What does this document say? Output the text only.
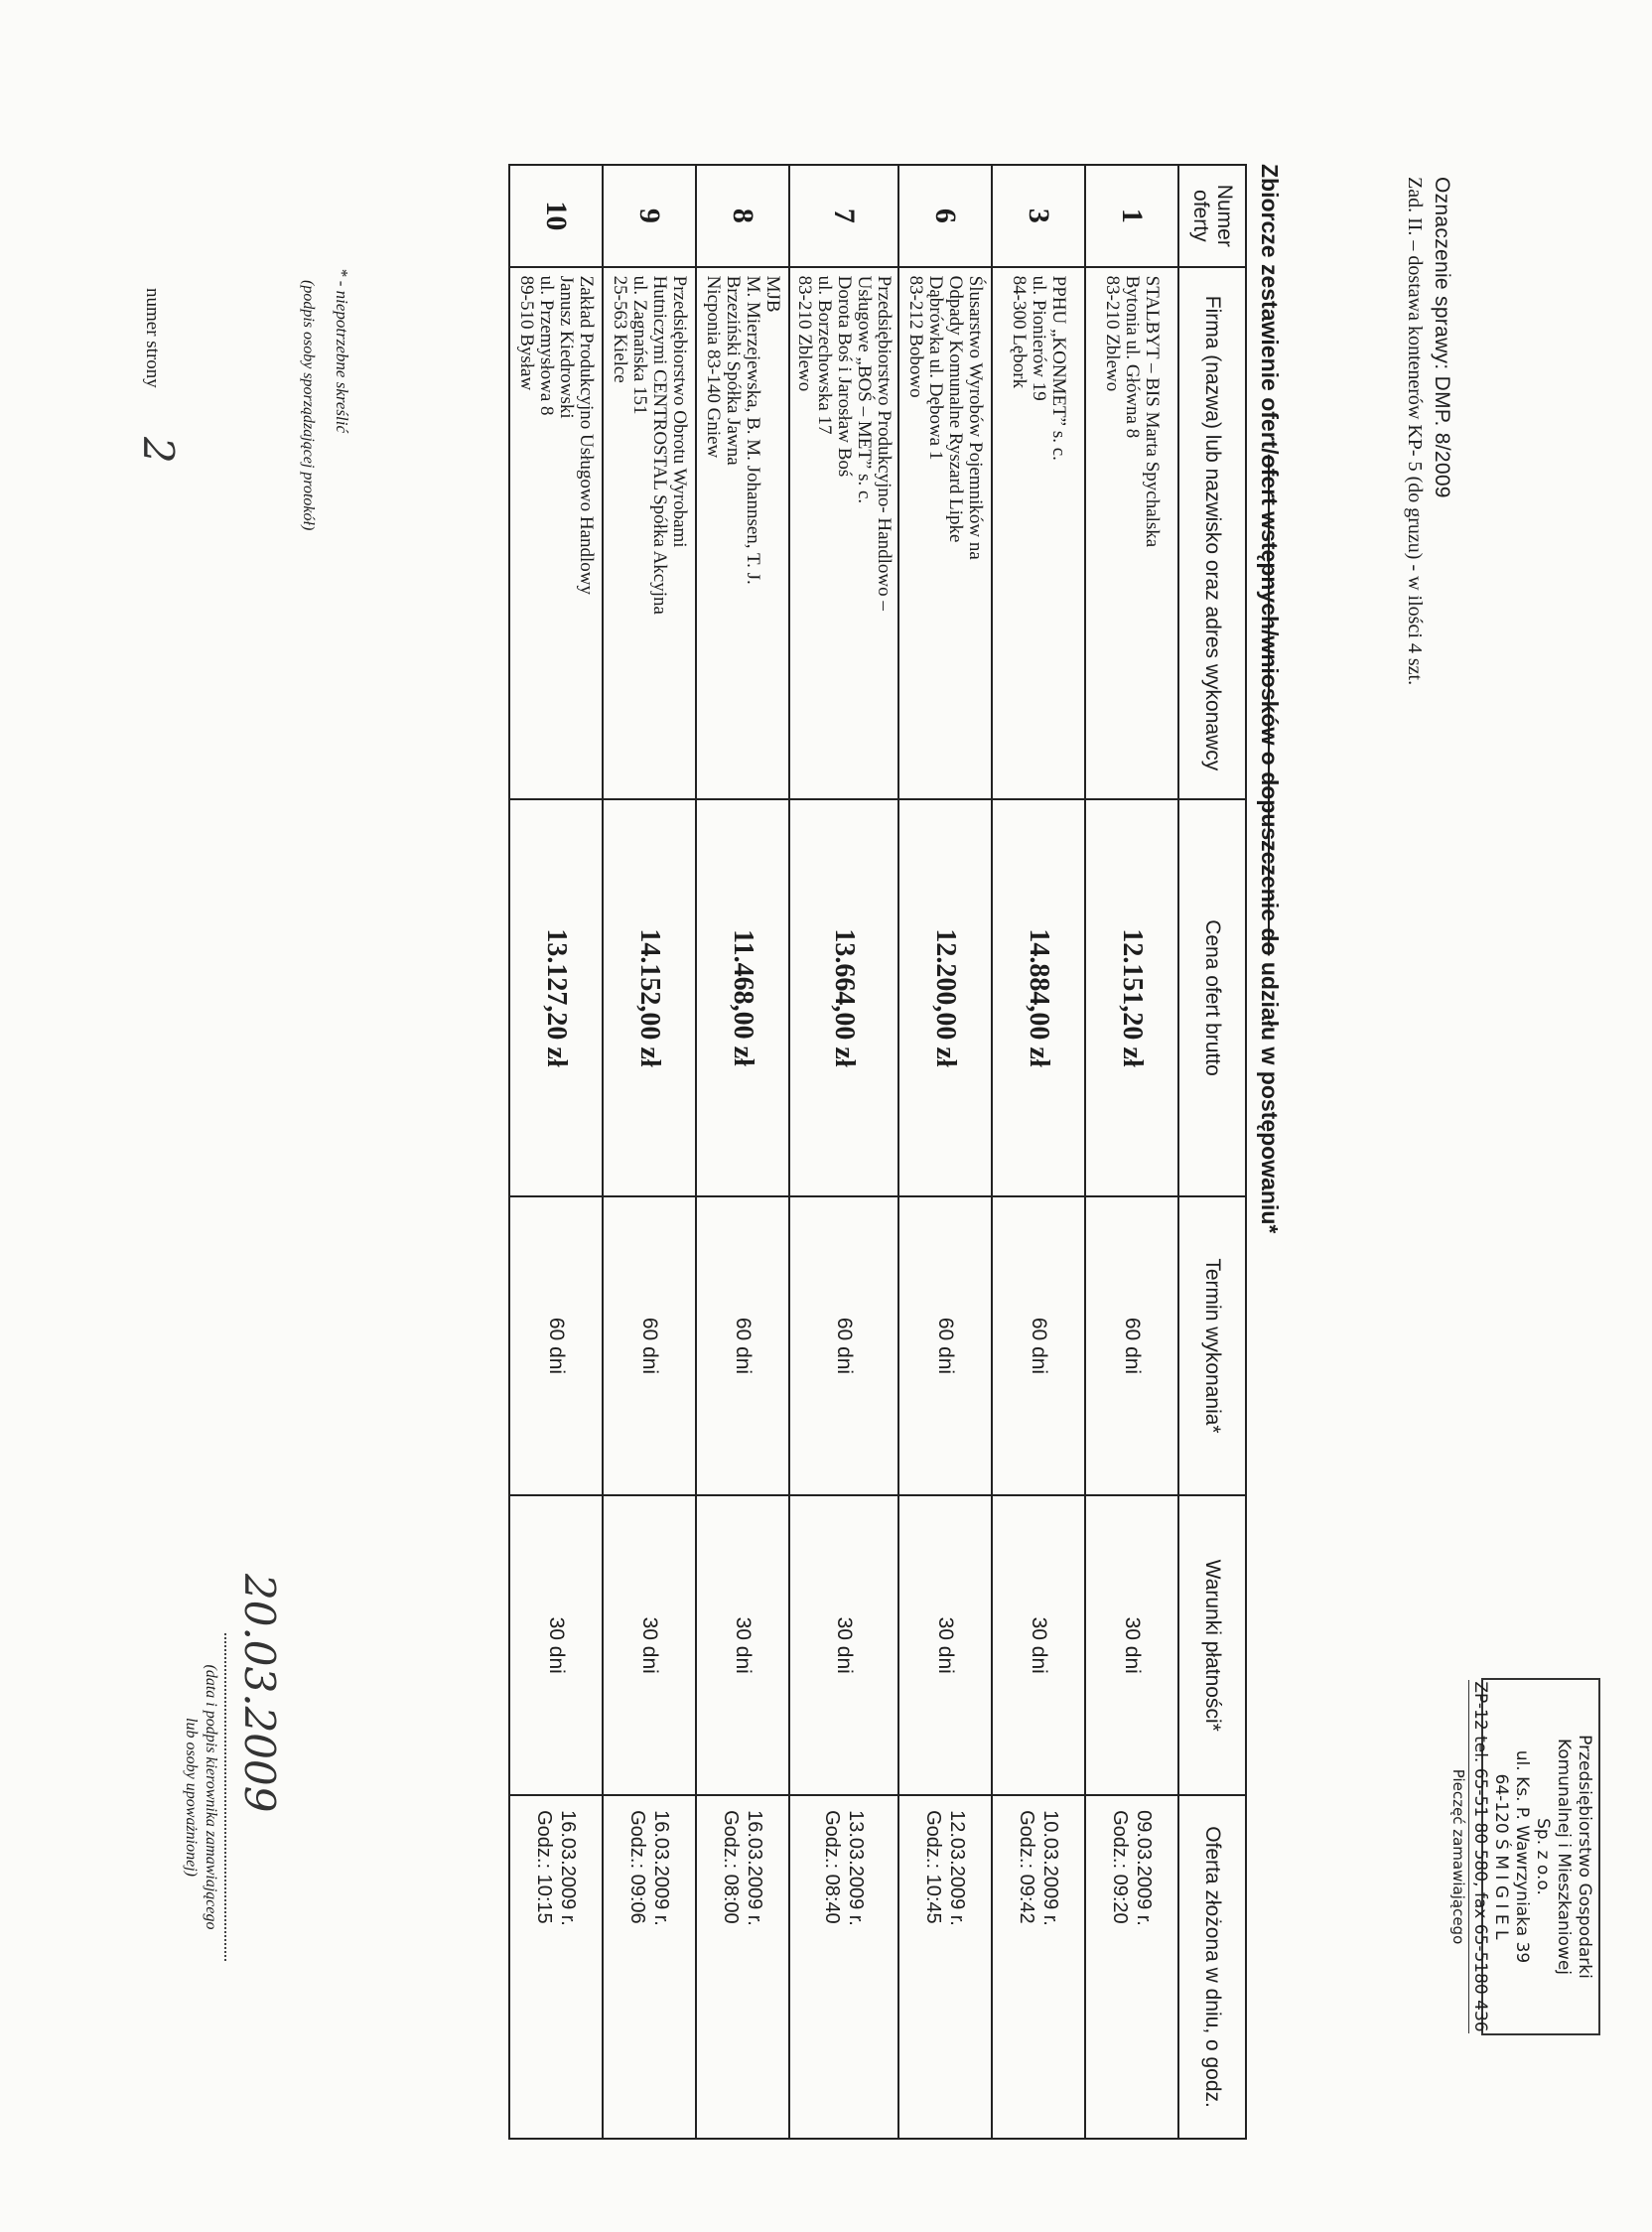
Oznaczenie sprawy: DMP. 8/2009
Zad. II. – dostawa kontenerów KP- 5 (do gruzu) - w ilości 4 szt.
Przedsiębiorstwo Gospodarki
Komunalnej i Mieszkaniowej
Sp. z o.o.
ul. Ks. P. Wawrzyniaka 39
64-120 Ś M I G I E L
ZP-12 tel. 65-51 80 580, fax 65-5180 436
Pieczęć zamawiającego
Zbiorcze zestawienie ofert/ofert wstępnych/wniosków o dopuszczenie do udziału w postępowaniu*
Numer oferty	Firma (nazwa) lub nazwisko oraz adres wykonawcy	Cena ofert brutto	Termin wykonania*	Warunki płatności*	Oferta złożona w dniu, o godz.
1	STALBYT – BIS Marta Spychalska
Bytonia ul. Główna 8
83-210 Zblewo	12.151,20 zł	60 dni	30 dni	09.03.2009 r.
Godz.: 09:20

3	PPHU „KONMET” s. c.
ul. Pionierów 19
84-300 Lębork	14.884,00 zł	60 dni	30 dni	10.03.2009 r.
Godz.: 09:42

6	Ślusarstwo Wyrobów Pojemników na
Odpady Komunalne Ryszard Lipke
Dąbrówka ul. Dębowa 1
83-212 Bobowo	12.200,00 zł	60 dni	30 dni	12.03.2009 r.
Godz.: 10:45

7	Przedsiębiorstwo Produkcyjno- Handlowo –
Usługowe „BOŚ – MET” s. c.
Dorota Boś i Jarosław Boś
ul. Borzechowska 17
83-210 Zblewo	13.664,00 zł	60 dni	30 dni	13.03.2009 r.
Godz.: 08:40

8	MJB
M. Mierzejewska, B. M. Johannsen, T. J.
Brzeziński Spółka Jawna
Nicponia 83-140 Gniew	11.468,00 zł	60 dni	30 dni	16.03.2009 r.
Godz.: 08:00

9	Przedsiębiorstwo Obrotu Wyrobami
Hutniczymi CENTROSTAL Spółka Akcyjna
ul. Zagnańska 151
25-563 Kielce	14.152,00 zł	60 dni	30 dni	16.03.2009 r.
Godz.: 09:06

10	Zakład Produkcyjno Usługowo Handlowy
Janusz Kiedrowski
ul. Przemysłowa 8
89-510 Bysław	13.127,20 zł	60 dni	30 dni	16.03.2009 r.
Godz.: 10:15
* - niepotrzebne skreślić
(podpis osoby sporządzającej protokół)
numer strony
2
20.03.2009
(data i podpis kierownika zamawiającego
lub osoby upoważnionej)
